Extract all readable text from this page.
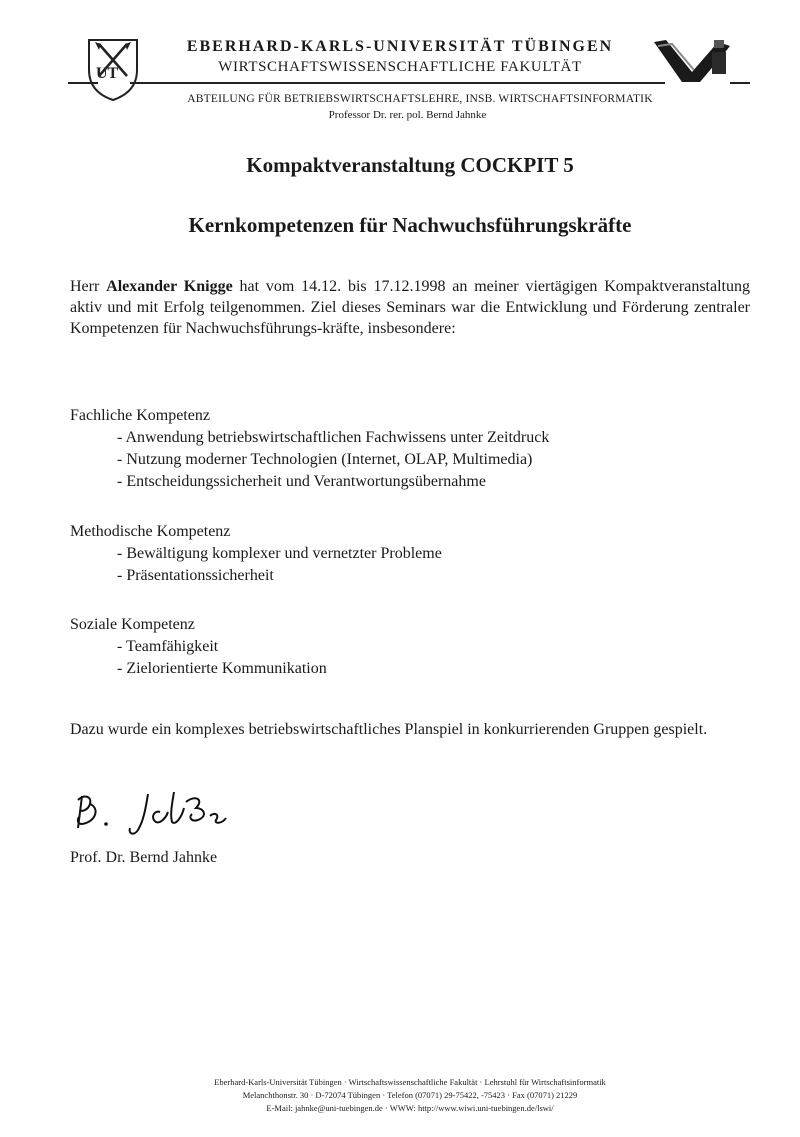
UT
EBERHARD-KARLS-UNIVERSITÄT TÜBINGEN
WIRTSCHAFTSWISSENSCHAFTLICHE FAKULTÄT
ABTEILUNG FÜR BETRIEBSWIRTSCHAFTSLEHRE, INSB. WIRTSCHAFTSINFORMATIK
Professor Dr. rer. pol. Bernd Jahnke
Kompaktveranstaltung COCKPIT 5
Kernkompetenzen für Nachwuchsführungskräfte
Herr Alexander Knigge hat vom 14.12. bis 17.12.1998 an meiner viertägigen Kompaktveranstaltung aktiv und mit Erfolg teilgenommen. Ziel dieses Seminars war die Entwicklung und Förderung zentraler Kompetenzen für Nachwuchsführungs-kräfte, insbesondere:
Fachliche Kompetenz
- Anwendung betriebswirtschaftlichen Fachwissens unter Zeitdruck
- Nutzung moderner Technologien (Internet, OLAP, Multimedia)
- Entscheidungssicherheit und Verantwortungsübernahme
Methodische Kompetenz
- Bewältigung komplexer und vernetzter Probleme
- Präsentationssicherheit
Soziale Kompetenz
- Teamfähigkeit
- Zielorientierte Kommunikation
Dazu wurde ein komplexes betriebswirtschaftliches Planspiel in konkurrierenden Gruppen gespielt.
Prof. Dr. Bernd Jahnke
Eberhard-Karls-Universität Tübingen · Wirtschaftswissenschaftliche Fakultät · Lehrstuhl für Wirtschaftsinformatik
Melanchthonstr. 30 · D-72074 Tübingen · Telefon (07071) 29-75422, -75423 · Fax (07071) 21229
E-Mail: jahnke@uni-tuebingen.de · WWW: http://www.wiwi.uni-tuebingen.de/lswi/
